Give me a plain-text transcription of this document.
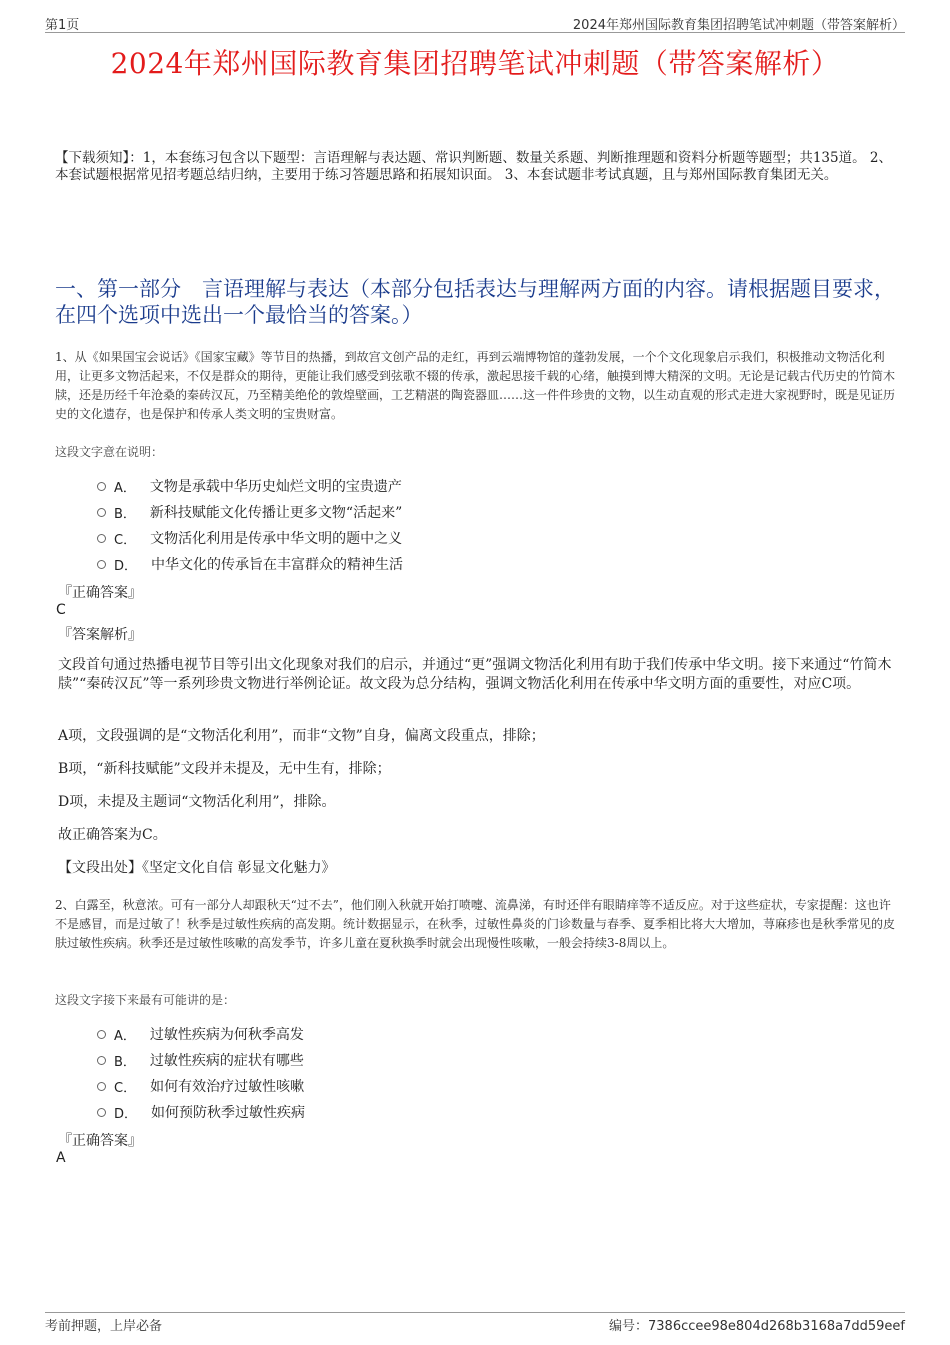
第1页	2024年郑州国际教育集团招聘笔试冲刺题（带答案解析）
2024年郑州国际教育集团招聘笔试冲刺题（带答案解析）
【下载须知】：1，本套练习包含以下题型：言语理解与表达题、常识判断题、数量关系题、判断推理题和资料分析题等题型；共135道。 2、本套试题根据常见招考题总结归纳，主要用于练习答题思路和拓展知识面。 3、本套试题非考试真题，且与郑州国际教育集团无关。
一、第一部分　言语理解与表达（本部分包括表达与理解两方面的内容。请根据题目要求，在四个选项中选出一个最恰当的答案。）
1、从《如果国宝会说话》《国家宝藏》等节目的热播，到故宫文创产品的走红，再到云端博物馆的蓬勃发展，一个个文化现象启示我们，积极推动文物活化利用，让更多文物活起来，不仅是群众的期待，更能让我们感受到弦歌不辍的传承，激起思接千载的心绪，触摸到博大精深的文明。无论是记载古代历史的竹简木牍，还是历经千年沧桑的秦砖汉瓦，乃至精美绝伦的敦煌壁画，工艺精湛的陶瓷器皿……这一件件珍贵的文物，以生动直观的形式走进大家视野时，既是见证历史的文化遗存，也是保护和传承人类文明的宝贵财富。
这段文字意在说明：
A． 文物是承载中华历史灿烂文明的宝贵遗产
B． 新科技赋能文化传播让更多文物“活起来”
C． 文物活化利用是传承中华文明的题中之义
D． 中华文化的传承旨在丰富群众的精神生活
『正确答案』
C
『答案解析』
文段首句通过热播电视节目等引出文化现象对我们的启示，并通过“更”强调文物活化利用有助于我们传承中华文明。接下来通过“竹简木牍”“秦砖汉瓦”等一系列珍贵文物进行举例论证。故文段为总分结构，强调文物活化利用在传承中华文明方面的重要性，对应C项。
A项，文段强调的是“文物活化利用”，而非“文物”自身，偏离文段重点，排除；
B项，“新科技赋能”文段并未提及，无中生有，排除；
D项，未提及主题词“文物活化利用”，排除。
故正确答案为C。
【文段出处】《坚定文化自信 彰显文化魅力》
2、白露至，秋意浓。可有一部分人却跟秋天“过不去”，他们刚入秋就开始打喷嚏、流鼻涕，有时还伴有眼睛痒等不适反应。对于这些症状，专家提醒：这也许不是感冒，而是过敏了！秋季是过敏性疾病的高发期。统计数据显示，在秋季，过敏性鼻炎的门诊数量与春季、夏季相比将大大增加，荨麻疹也是秋季常见的皮肤过敏性疾病。秋季还是过敏性咳嗽的高发季节，许多儿童在夏秋换季时就会出现慢性咳嗽，一般会持续3-8周以上。
这段文字接下来最有可能讲的是：
A． 过敏性疾病为何秋季高发
B． 过敏性疾病的症状有哪些
C． 如何有效治疗过敏性咳嗽
D． 如何预防秋季过敏性疾病
『正确答案』
A
考前押题，上岸必备	编号：7386ccee98e804d268b3168a7dd59eef
